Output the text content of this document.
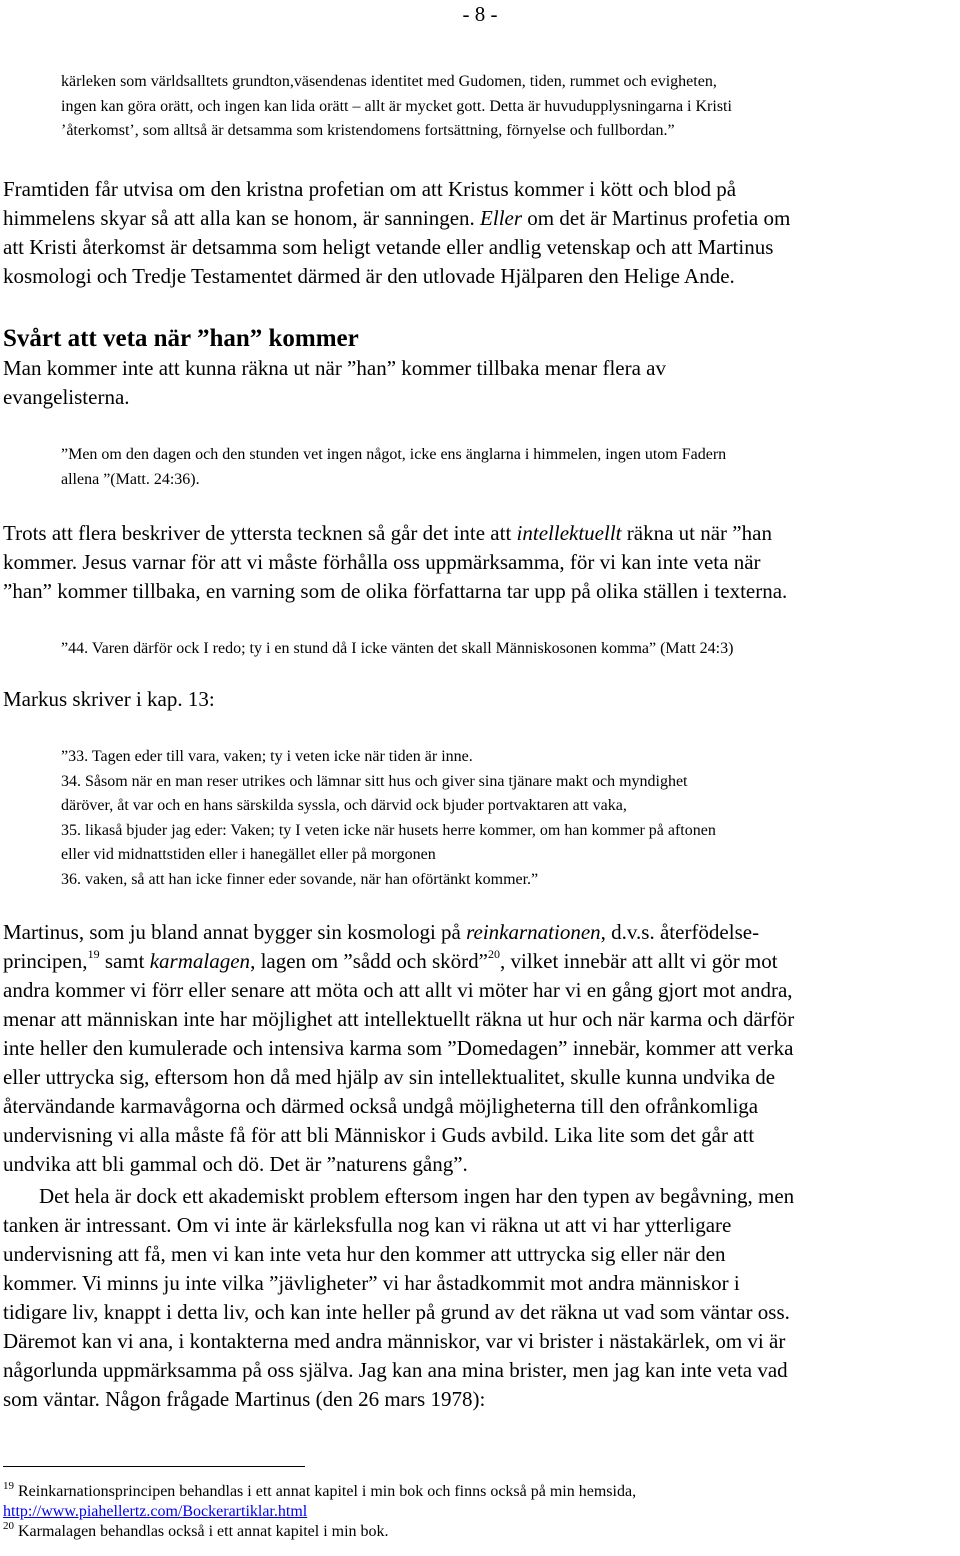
- 8 -
kärleken som världsalltets grundton,väsendenas identitet med Gudomen, tiden, rummet och evigheten,
ingen kan göra orätt, och ingen kan lida orätt – allt är mycket gott. Detta är huvudupplysningarna i Kristi
’återkomst’, som alltså är detsamma som kristendomens fortsättning, förnyelse och fullbordan.”
Framtiden får utvisa om den kristna profetian om att Kristus kommer i kött och blod på
himmelens skyar så att alla kan se honom, är sanningen. Eller om det är Martinus profetia om
att Kristi återkomst är detsamma som heligt vetande eller andlig vetenskap och att Martinus
kosmologi och Tredje Testamentet därmed är den utlovade Hjälparen den Helige Ande.
Svårt att veta när ”han” kommer
Man kommer inte att kunna räkna ut när ”han” kommer tillbaka menar flera av
evangelisterna.
”Men om den dagen och den stunden vet ingen något, icke ens änglarna i himmelen, ingen utom Fadern
allena ”(Matt. 24:36).
Trots att flera beskriver de yttersta tecknen så går det inte att intellektuellt räkna ut när ”han
kommer. Jesus varnar för att vi måste förhålla oss uppmärksamma, för vi kan inte veta när
”han” kommer tillbaka, en varning som de olika författarna tar upp på olika ställen i texterna.
”44. Varen därför ock I redo; ty i en stund då I icke vänten det skall Människosonen komma” (Matt 24:3)
Markus skriver i kap. 13:
”33. Tagen eder till vara, vaken; ty i veten icke när tiden är inne.
34. Såsom när en man reser utrikes och lämnar sitt hus och giver sina tjänare makt och myndighet
däröver, åt var och en hans särskilda syssla, och därvid ock bjuder portvaktaren att vaka,
35. likaså bjuder jag eder: Vaken; ty I veten icke när husets herre kommer, om han kommer på aftonen
eller vid midnattstiden eller i hanegället eller på morgonen
36. vaken, så att han icke finner eder sovande, när han oförtänkt kommer.”
Martinus, som ju bland annat bygger sin kosmologi på reinkarnationen, d.v.s. återfödelse-
principen,$^{19}$ samt karmalagen, lagen om ”sådd och skörd”$^{20}$, vilket innebär att allt vi gör mot
andra kommer vi förr eller senare att möta och att allt vi möter har vi en gång gjort mot andra,
menar att människan inte har möjlighet att intellektuellt räkna ut hur och när karma och därför
inte heller den kumulerade och intensiva karma som ”Domedagen” innebär, kommer att verka
eller uttrycka sig, eftersom hon då med hjälp av sin intellektualitet, skulle kunna undvika de
återvändande karmavågorna och därmed också undgå möjligheterna till den ofrånkomliga
undervisning vi alla måste få för att bli Människor i Guds avbild. Lika lite som det går att
undvika att bli gammal och dö. Det är ”naturens gång”.
Det hela är dock ett akademiskt problem eftersom ingen har den typen av begåvning, men
tanken är intressant. Om vi inte är kärleksfulla nog kan vi räkna ut att vi har ytterligare
undervisning att få, men vi kan inte veta hur den kommer att uttrycka sig eller när den
kommer. Vi minns ju inte vilka ”jävligheter” vi har åstadkommit mot andra människor i
tidigare liv, knappt i detta liv, och kan inte heller på grund av det räkna ut vad som väntar oss.
Däremot kan vi ana, i kontakterna med andra människor, var vi brister i nästakärlek, om vi är
någorlunda uppmärksamma på oss själva. Jag kan ana mina brister, men jag kan inte veta vad
som väntar. Någon frågade Martinus (den 26 mars 1978):
$^{19}$ Reinkarnationsprincipen behandlas i ett annat kapitel i min bok och finns också på min hemsida,
http://www.piahellertz.com/Bockerartiklar.html
$^{20}$ Karmalagen behandlas också i ett annat kapitel i min bok.
